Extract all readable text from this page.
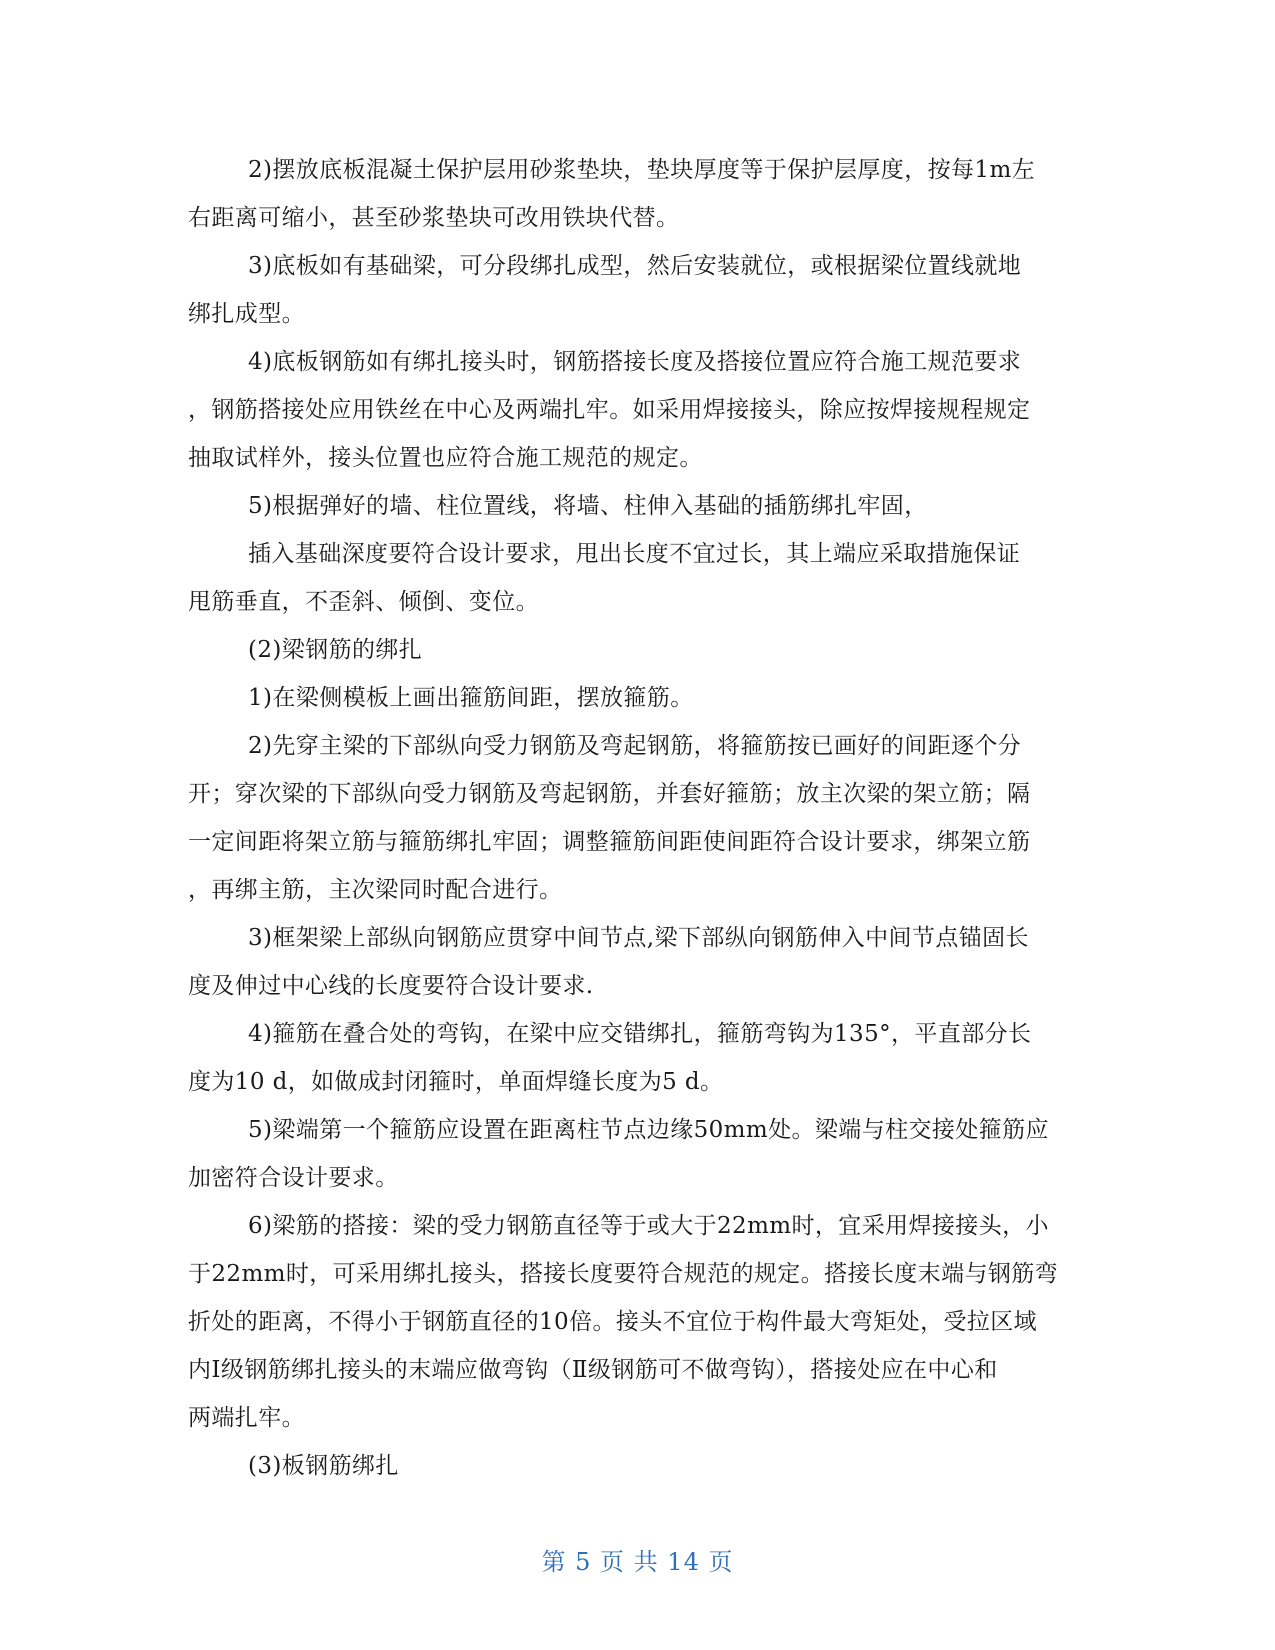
2)摆放底板混凝土保护层用砂浆垫块，垫块厚度等于保护层厚度，按每1m左
右距离可缩小，甚至砂浆垫块可改用铁块代替。
3)底板如有基础梁，可分段绑扎成型，然后安装就位，或根据梁位置线就地
绑扎成型。
4)底板钢筋如有绑扎接头时，钢筋搭接长度及搭接位置应符合施工规范要求
，钢筋搭接处应用铁丝在中心及两端扎牢。如采用焊接接头，除应按焊接规程规定
抽取试样外，接头位置也应符合施工规范的规定。
5)根据弹好的墙、柱位置线，将墙、柱伸入基础的插筋绑扎牢固，
插入基础深度要符合设计要求，甩出长度不宜过长，其上端应采取措施保证
甩筋垂直，不歪斜、倾倒、变位。
(2)梁钢筋的绑扎
1)在梁侧模板上画出箍筋间距，摆放箍筋。
2)先穿主梁的下部纵向受力钢筋及弯起钢筋，将箍筋按已画好的间距逐个分
开；穿次梁的下部纵向受力钢筋及弯起钢筋，并套好箍筋；放主次梁的架立筋；隔
一定间距将架立筋与箍筋绑扎牢固；调整箍筋间距使间距符合设计要求，绑架立筋
，再绑主筋，主次梁同时配合进行。
3)框架梁上部纵向钢筋应贯穿中间节点,梁下部纵向钢筋伸入中间节点锚固长
度及伸过中心线的长度要符合设计要求.
4)箍筋在叠合处的弯钩，在梁中应交错绑扎，箍筋弯钩为135°，平直部分长
度为10 d，如做成封闭箍时，单面焊缝长度为5 d。
5)梁端第一个箍筋应设置在距离柱节点边缘50mm处。梁端与柱交接处箍筋应
加密符合设计要求。
6)梁筋的搭接：梁的受力钢筋直径等于或大于22mm时，宜采用焊接接头，小
于22mm时，可采用绑扎接头，搭接长度要符合规范的规定。搭接长度末端与钢筋弯
折处的距离，不得小于钢筋直径的10倍。接头不宜位于构件最大弯矩处，受拉区域
内Ⅰ级钢筋绑扎接头的末端应做弯钩（Ⅱ级钢筋可不做弯钩），搭接处应在中心和
两端扎牢。
(3)板钢筋绑扎
第 5 页 共 14 页
